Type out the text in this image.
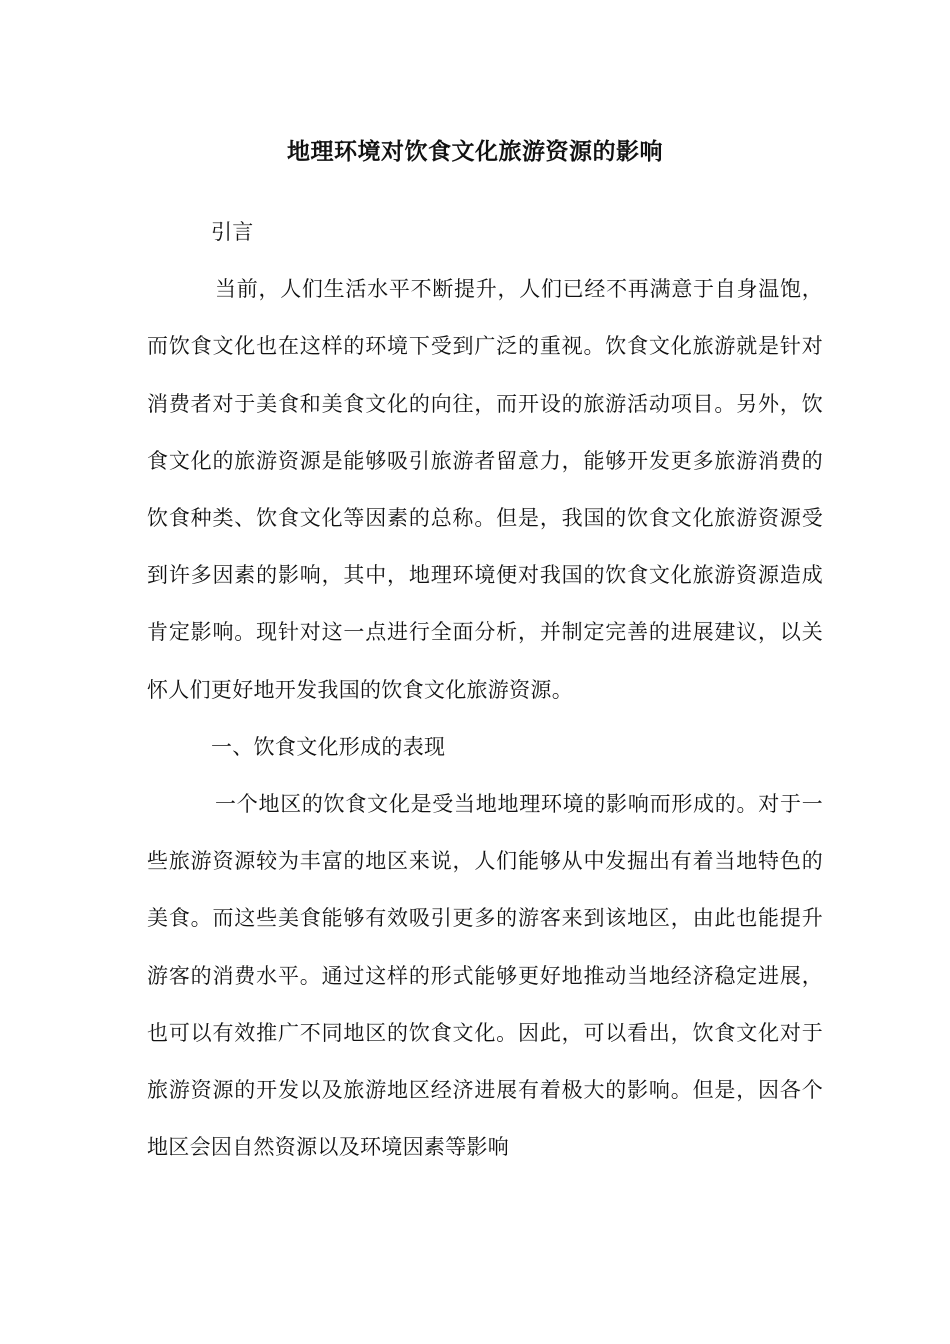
地理环境对饮食文化旅游资源的影响

引言

当前，人们生活水平不断提升，人们已经不再满意于自身温饱，而饮食文化也在这样的环境下受到广泛的重视。饮食文化旅游就是针对消费者对于美食和美食文化的向往，而开设的旅游活动项目。另外，饮食文化的旅游资源是能够吸引旅游者留意力，能够开发更多旅游消费的饮食种类、饮食文化等因素的总称。但是，我国的饮食文化旅游资源受到许多因素的影响，其中，地理环境便对我国的饮食文化旅游资源造成肯定影响。现针对这一点进行全面分析，并制定完善的进展建议，以关怀人们更好地开发我国的饮食文化旅游资源。

一、饮食文化形成的表现

一个地区的饮食文化是受当地地理环境的影响而形成的。对于一些旅游资源较为丰富的地区来说，人们能够从中发掘出有着当地特色的美食。而这些美食能够有效吸引更多的游客来到该地区，由此也能提升游客的消费水平。通过这样的形式能够更好地推动当地经济稳定进展，也可以有效推广不同地区的饮食文化。因此，可以看出，饮食文化对于旅游资源的开发以及旅游地区经济进展有着极大的影响。但是，因各个地区会因自然资源以及环境因素等影响
